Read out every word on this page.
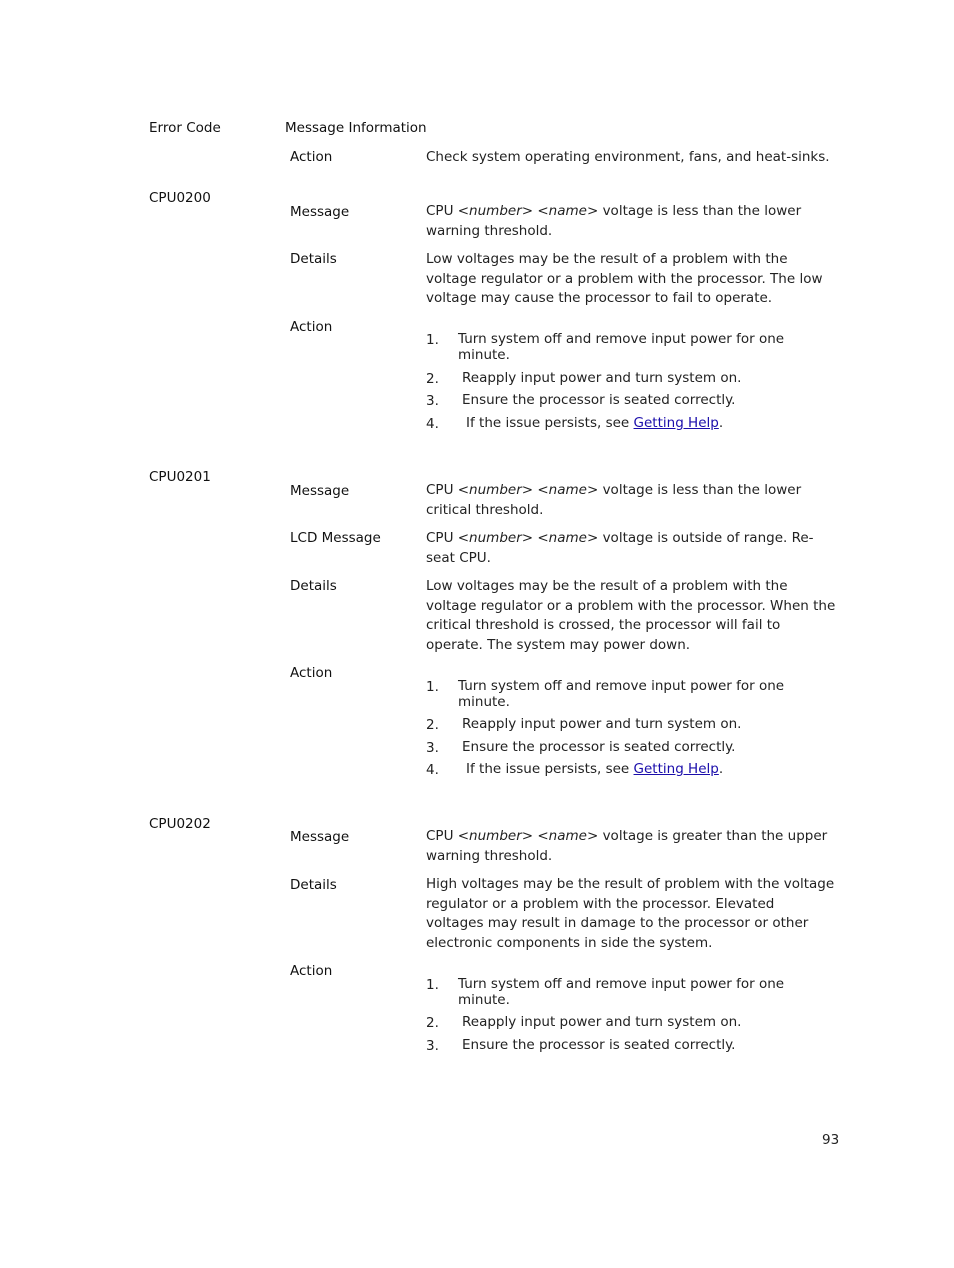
Error Code	Message Information
Action	Check system operating environment, fans, and heat-sinks.
CPU0200
Message	CPU <number> <name> voltage is less than the lower warning threshold.
Details	Low voltages may be the result of a problem with the voltage regulator or a problem with the processor. The low voltage may cause the processor to fail to operate.
Action
1. Turn system off and remove input power for one minute.
2. Reapply input power and turn system on.
3. Ensure the processor is seated correctly.
4. If the issue persists, see Getting Help.
CPU0201
Message	CPU <number> <name> voltage is less than the lower critical threshold.
LCD Message	CPU <number> <name> voltage is outside of range. Re-seat CPU.
Details	Low voltages may be the result of a problem with the voltage regulator or a problem with the processor. When the critical threshold is crossed, the processor will fail to operate. The system may power down.
Action
1. Turn system off and remove input power for one minute.
2. Reapply input power and turn system on.
3. Ensure the processor is seated correctly.
4. If the issue persists, see Getting Help.
CPU0202
Message	CPU <number> <name> voltage is greater than the upper warning threshold.
Details	High voltages may be the result of problem with the voltage regulator or a problem with the processor. Elevated voltages may result in damage to the processor or other electronic components in side the system.
Action
1. Turn system off and remove input power for one minute.
2. Reapply input power and turn system on.
3. Ensure the processor is seated correctly.
93
